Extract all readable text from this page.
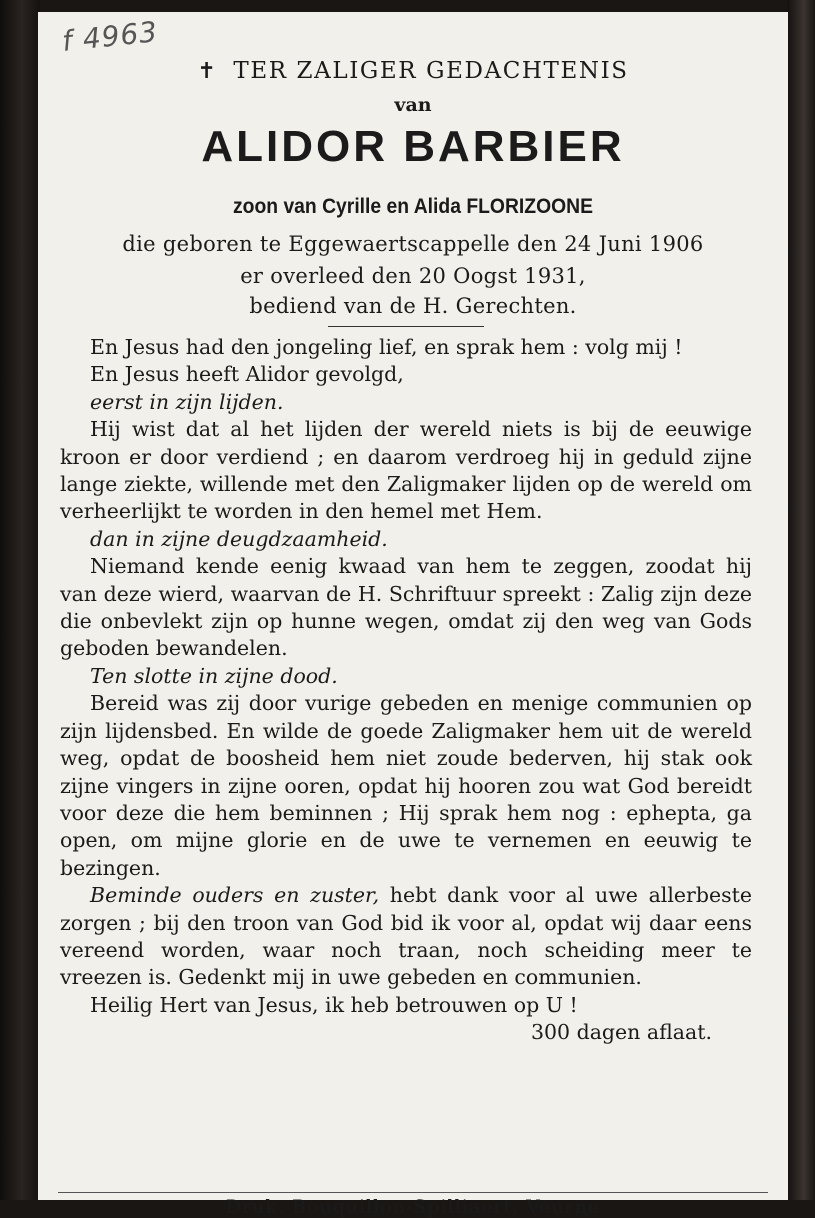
f 4963
✝ TER ZALIGER GEDACHTENIS
van
ALIDOR BARBIER
zoon van Cyrille en Alida FLORIZOONE
die geboren te Eggewaertscappelle den 24 Juni 1906
er overleed den 20 Oogst 1931,
bediend van de H. Gerechten.

En Jesus had den jongeling lief, en sprak hem : volg mij !

En Jesus heeft Alidor gevolgd,

eerst in zijn lijden.

Hij wist dat al het lijden der wereld niets is bij de eeuwige kroon er door verdiend ; en daarom verdroeg hij in geduld zijne lange ziekte, willende met den Zaligmaker lijden op de wereld om verheerlijkt te worden in den hemel met Hem.

dan in zijne deugdzaamheid.

Niemand kende eenig kwaad van hem te zeggen, zoodat hij van deze wierd, waarvan de H. Schriftuur spreekt : Zalig zijn deze die onbevlekt zijn op hunne wegen, omdat zij den weg van Gods geboden bewandelen.

Ten slotte in zijne dood.

Bereid was zij door vurige gebeden en menige communien op zijn lijdensbed. En wilde de goede Zaligmaker hem uit de wereld weg, opdat de boosheid hem niet zoude bederven, hij stak ook zijne vingers in zijne ooren, opdat hij hooren zou wat God bereidt voor deze die hem beminnen ; Hij sprak hem nog : ephepta, ga open, om mijne glorie en de uwe te vernemen en eeuwig te bezingen.

Beminde ouders en zuster, hebt dank voor al uwe allerbeste zorgen ; bij den troon van God bid ik voor al, opdat wij daar eens vereend worden, waar noch traan, noch scheiding meer te vreezen is. Gedenkt mij in uwe gebeden en communien.

Heilig Hert van Jesus, ik heb betrouwen op U !

300 dagen aflaat.

Druk. Bouquillon-Spilliaert, Veurne
